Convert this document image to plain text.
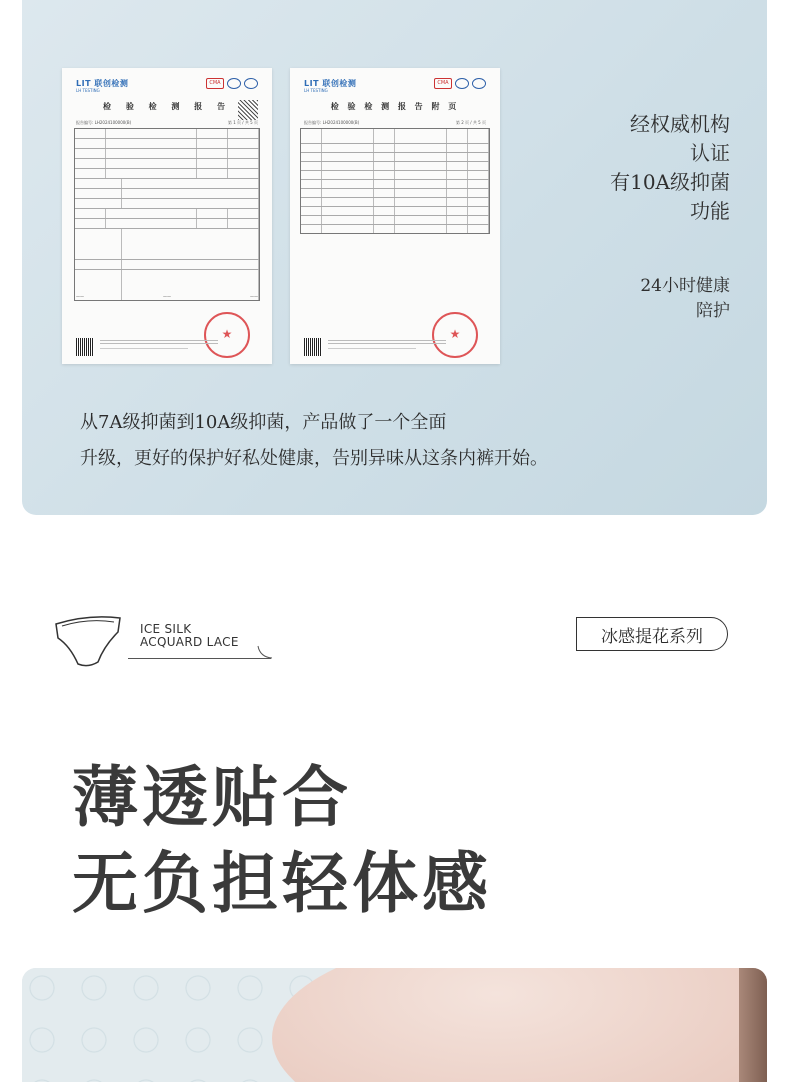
LIT 联创检测
LH TESTING
CMA
检 验 检 测 报 告
报告编号: LH2024100000(B)	第 1 页 / 共 5 页
——	——	——
★
LIT 联创检测
LH TESTING
CMA
检 验 检 测 报 告 附 页
报告编号: LH2024100000(B)	第 2 页 / 共 5 页
★
经权威机构
认证
有10A级抑菌
功能
24小时健康
陪护
从7A级抑菌到10A级抑菌，产品做了一个全面
升级，更好的保护好私处健康，告别异味从这条内裤开始。
ICE SILK
ACQUARD LACE	冰感提花系列
薄透贴合
无负担轻体感
